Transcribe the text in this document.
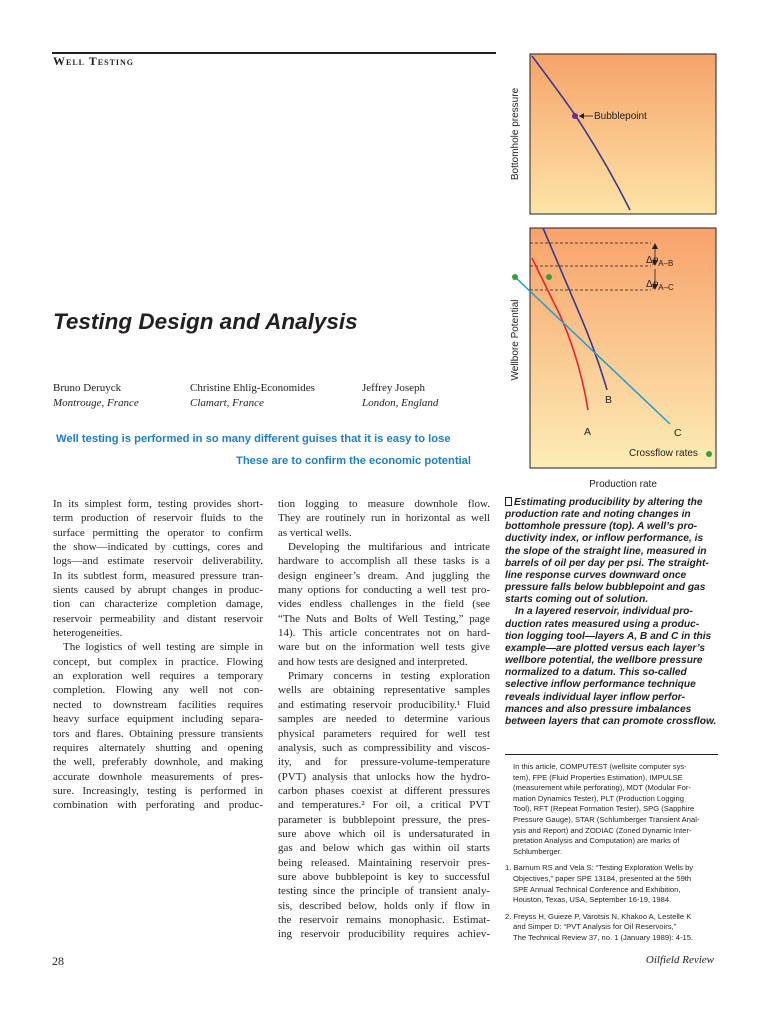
Well Testing
Bubblepoint
Bottomhole pressure
$\Delta p_{A-B}$
$\Delta p_{A-C}$
A
B
C
Crossflow rates
Wellbore Potential
Production rate
Testing Design and Analysis
Bruno Deruyck
Montrouge, France
Christine Ehlig-Economides
Clamart, France
Jeffrey Joseph
London, England
Well testing is performed in so many different guises that it is easy to lose
These are to confirm the economic potential
In its simplest form, testing provides short-
term production of reservoir fluids to the
surface permitting the operator to confirm
the show—indicated by cuttings, cores and
logs—and estimate reservoir deliverability.
In its subtlest form, measured pressure tran-
sients caused by abrupt changes in produc-
tion can characterize completion damage,
reservoir permeability and distant reservoir
heterogeneities.
The logistics of well testing are simple in
concept, but complex in practice. Flowing
an exploration well requires a temporary
completion. Flowing any well not con-
nected to downstream facilities requires
heavy surface equipment including separa-
tors and flares. Obtaining pressure transients
requires alternately shutting and opening
the well, preferably downhole, and making
accurate downhole measurements of pres-
sure. Increasingly, testing is performed in
combination with perforating and produc-
tion logging to measure downhole flow.
They are routinely run in horizontal as well
as vertical wells.
Developing the multifarious and intricate
hardware to accomplish all these tasks is a
design engineer’s dream. And juggling the
many options for conducting a well test pro-
vides endless challenges in the field (see
“The Nuts and Bolts of Well Testing,” page
14). This article concentrates not on hard-
ware but on the information well tests give
and how tests are designed and interpreted.
Primary concerns in testing exploration
wells are obtaining representative samples
and estimating reservoir producibility.¹ Fluid
samples are needed to determine various
physical parameters required for well test
analysis, such as compressibility and viscos-
ity, and for pressure-volume-temperature
(PVT) analysis that unlocks how the hydro-
carbon phases coexist at different pressures
and temperatures.² For oil, a critical PVT
parameter is bubblepoint pressure, the pres-
sure above which oil is undersaturated in
gas and below which gas within oil starts
being released. Maintaining reservoir pres-
sure above bubblepoint is key to successful
testing since the principle of transient analy-
sis, described below, holds only if flow in
the reservoir remains monophasic. Estimat-
ing reservoir producibility requires achiev-
Estimating producibility by altering the
production rate and noting changes in
bottomhole pressure (top). A well’s pro-
ductivity index, or inflow performance, is
the slope of the straight line, measured in
barrels of oil per day per psi. The straight-
line response curves downward once
pressure falls below bubblepoint and gas
starts coming out of solution.
In a layered reservoir, individual pro-
duction rates measured using a produc-
tion logging tool—layers A, B and C in this
example—are plotted versus each layer’s
wellbore potential, the wellbore pressure
normalized to a datum. This so-called
selective inflow performance technique
reveals individual layer inflow perfor-
mances and also pressure imbalances
between layers that can promote crossflow.
In this article, COMPUTEST (wellsite computer sys-
tem), FPE (Fluid Properties Estimation), IMPULSE
(measurement while perforating), MDT (Modular For-
mation Dynamics Tester), PLT (Production Logging
Tool), RFT (Repeat Formation Tester), SPG (Sapphire
Pressure Gauge), STAR (Schlumberger Transient Anal-
ysis and Report) and ZODIAC (Zoned Dynamic Inter-
pretation Analysis and Computation) are marks of
Schlumberger.
1. Barnum RS and Vela S: “Testing Exploration Wells by
Objectives,” paper SPE 13184, presented at the 59th
SPE Annual Technical Conference and Exhibition,
Houston, Texas, USA, September 16-19, 1984.
2. Freyss H, Guieze P, Varotsis N, Khakoo A, Lestelle K
and Simper D: “PVT Analysis for Oil Reservoirs,”
The Technical Review 37, no. 1 (January 1989): 4-15.
28	Oilfield Review
